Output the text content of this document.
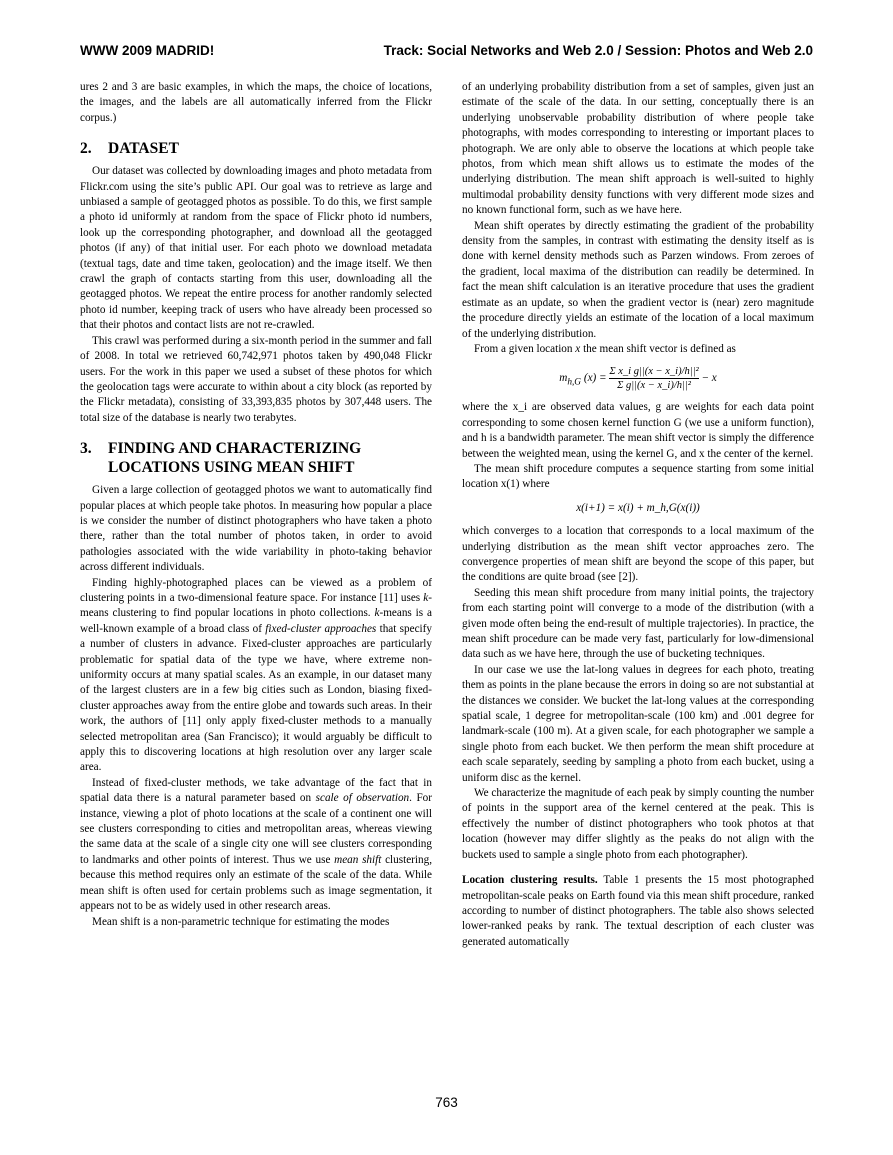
WWW 2009 MADRID!	Track: Social Networks and Web 2.0 / Session: Photos and Web 2.0

ures 2 and 3 are basic examples, in which the maps, the choice of locations, the images, and the labels are all automatically inferred from the Flickr corpus.)

2. DATASET

Our dataset was collected by downloading images and photo metadata from Flickr.com using the site’s public API. Our goal was to retrieve as large and unbiased a sample of geotagged photos as possible. To do this, we first sample a photo id uniformly at random from the space of Flickr photo id numbers, look up the corresponding photographer, and download all the geotagged photos (if any) of that initial user. For each photo we download metadata (textual tags, date and time taken, geolocation) and the image itself. We then crawl the graph of contacts starting from this user, downloading all the geotagged photos. We repeat the entire process for another randomly selected photo id number, keeping track of users who have already been processed so that their photos and contact lists are not re-crawled.

This crawl was performed during a six-month period in the summer and fall of 2008. In total we retrieved 60,742,971 photos taken by 490,048 Flickr users. For the work in this paper we used a subset of these photos for which the geolocation tags were accurate to within about a city block (as reported by the Flickr metadata), consisting of 33,393,835 photos by 307,448 users. The total size of the database is nearly two terabytes.

3. FINDING AND CHARACTERIZING LOCATIONS USING MEAN SHIFT

Given a large collection of geotagged photos we want to automatically find popular places at which people take photos. In measuring how popular a place is we consider the number of distinct photographers who have taken a photo there, rather than the total number of photos taken, in order to avoid pathologies associated with the wide variability in photo-taking behavior across different individuals.

Finding highly-photographed places can be viewed as a problem of clustering points in a two-dimensional feature space. For instance [11] uses k-means clustering to find popular locations in photo collections. k-means is a well-known example of a broad class of fixed-cluster approaches that specify a number of clusters in advance. Fixed-cluster approaches are particularly problematic for spatial data of the type we have, where extreme non-uniformity occurs at many spatial scales. As an example, in our dataset many of the largest clusters are in a few big cities such as London, biasing fixed-cluster approaches away from the entire globe and towards such areas. In their work, the authors of [11] only apply fixed-cluster methods to a manually selected metropolitan area (San Francisco); it would arguably be difficult to apply this to discovering locations at high resolution over any larger scale area.

Instead of fixed-cluster methods, we take advantage of the fact that in spatial data there is a natural parameter based on scale of observation. For instance, viewing a plot of photo locations at the scale of a continent one will see clusters corresponding to cities and metropolitan areas, whereas viewing the same data at the scale of a single city one will see clusters corresponding to landmarks and other points of interest. Thus we use mean shift clustering, because this method requires only an estimate of the scale of the data. While mean shift is often used for certain problems such as image segmentation, it appears not to be as widely used in other research areas.

Mean shift is a non-parametric technique for estimating the modes

of an underlying probability distribution from a set of samples, given just an estimate of the scale of the data. In our setting, conceptually there is an underlying unobservable probability distribution of where people take photographs, with modes corresponding to interesting or important places to photograph. We are only able to observe the locations at which people take photos, from which mean shift allows us to estimate the modes of the underlying distribution. The mean shift approach is well-suited to highly multimodal probability density functions with very different mode sizes and no known functional form, such as we have here.

Mean shift operates by directly estimating the gradient of the probability density from the samples, in contrast with estimating the density itself as is done with kernel density methods such as Parzen windows. From zeroes of the gradient, local maxima of the distribution can readily be determined. In fact the mean shift calculation is an iterative procedure that uses the gradient estimate as an update, so when the gradient vector is (near) zero magnitude the procedure directly yields an estimate of the location of a local maximum of the underlying distribution.

From a given location x the mean shift vector is defined as

$m_{h,G}$ $(x) = \frac{\text{Σ x\_i g||(x − x\_i)/h||²}}{\text{Σ g||(x − x\_i)/h||²}} - x$

where the x_i are observed data values, g are weights for each data point corresponding to some chosen kernel function G (we use a uniform function), and h is a bandwidth parameter. The mean shift vector is simply the difference between the weighted mean, using the kernel G, and x the center of the kernel.

The mean shift procedure computes a sequence starting from some initial location x(1) where

x(i+1) = x(i) + m_h,G(x(i))

which converges to a location that corresponds to a local maximum of the underlying distribution as the mean shift vector approaches zero. The convergence properties of mean shift are beyond the scope of this paper, but the conditions are quite broad (see [2]).

Seeding this mean shift procedure from many initial points, the trajectory from each starting point will converge to a mode of the distribution (with a given mode often being the end-result of multiple trajectories). In practice, the mean shift procedure can be made very fast, particularly for low-dimensional data such as we have here, through the use of bucketing techniques.

In our case we use the lat-long values in degrees for each photo, treating them as points in the plane because the errors in doing so are not substantial at the distances we consider. We bucket the lat-long values at the corresponding spatial scale, 1 degree for metropolitan-scale (100 km) and .001 degree for landmark-scale (100 m). At a given scale, for each photographer we sample a single photo from each bucket. We then perform the mean shift procedure at each scale separately, seeding by sampling a photo from each bucket, using a uniform disc as the kernel.

We characterize the magnitude of each peak by simply counting the number of points in the support area of the kernel centered at the peak. This is effectively the number of distinct photographers who took photos at that location (however may differ slightly as the peaks do not align with the buckets used to sample a single photo from each photographer).

Location clustering results. Table 1 presents the 15 most photographed metropolitan-scale peaks on Earth found via this mean shift procedure, ranked according to number of distinct photographers. The table also shows selected lower-ranked peaks by rank. The textual description of each cluster was generated automatically

763
